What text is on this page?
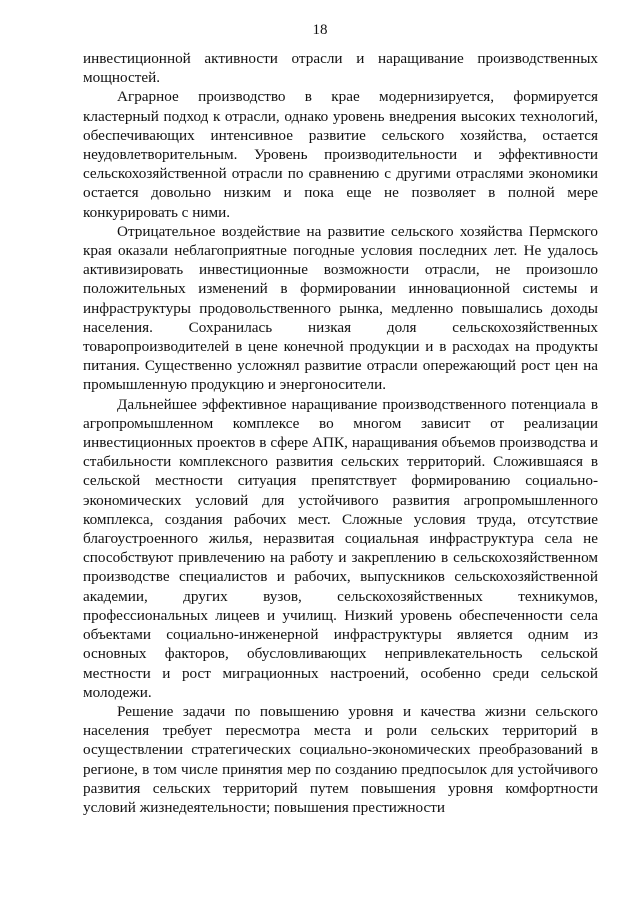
18

инвестиционной активности отрасли и наращивание производственных мощностей.

Аграрное производство в крае модернизируется, формируется кластерный подход к отрасли, однако уровень внедрения высоких технологий, обеспечивающих интенсивное развитие сельского хозяйства, остается неудовлетворительным. Уровень производительности и эффективности сельскохозяйственной отрасли по сравнению с другими отраслями экономики остается довольно низким и пока еще не позволяет в полной мере конкурировать с ними.

Отрицательное воздействие на развитие сельского хозяйства Пермского края оказали неблагоприятные погодные условия последних лет. Не удалось активизировать инвестиционные возможности отрасли, не произошло положительных изменений в формировании инновационной системы и инфраструктуры продовольственного рынка, медленно повышались доходы населения. Сохранилась низкая доля сельскохозяйственных товаропроизводителей в цене конечной продукции и в расходах на продукты питания. Существенно усложнял развитие отрасли опережающий рост цен на промышленную продукцию и энергоносители.

Дальнейшее эффективное наращивание производственного потенциала в агропромышленном комплексе во многом зависит от реализации инвестиционных проектов в сфере АПК, наращивания объемов производства и стабильности комплексного развития сельских территорий. Сложившаяся в сельской местности ситуация препятствует формированию социально-экономических условий для устойчивого развития агропромышленного комплекса, создания рабочих мест. Сложные условия труда, отсутствие благоустроенного жилья, неразвитая социальная инфраструктура села не способствуют привлечению на работу и закреплению в сельскохозяйственном производстве специалистов и рабочих, выпускников сельскохозяйственной академии, других вузов, сельскохозяйственных техникумов, профессиональных лицеев и училищ. Низкий уровень обеспеченности села объектами социально-инженерной инфраструктуры является одним из основных факторов, обусловливающих непривлекательность сельской местности и рост миграционных настроений, особенно среди сельской молодежи.

Решение задачи по повышению уровня и качества жизни сельского населения требует пересмотра места и роли сельских территорий в осуществлении стратегических социально-экономических преобразований в регионе, в том числе принятия мер по созданию предпосылок для устойчивого развития сельских территорий путем повышения уровня комфортности условий жизнедеятельности; повышения престижности
